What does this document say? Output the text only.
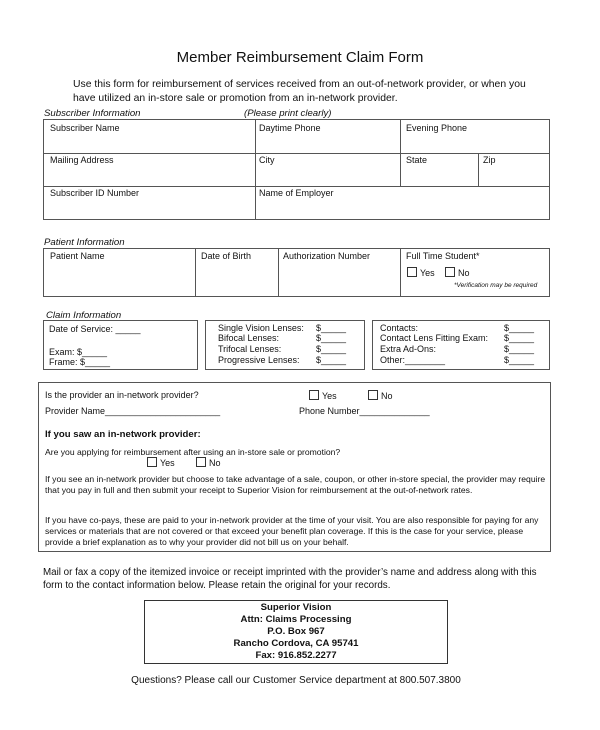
Member Reimbursement Claim Form
Use this form for reimbursement of services received from an out-of-network provider, or when you have utilized an in-store sale or promotion from an in-network provider.
Subscriber Information	(Please print clearly)
Subscriber Name	Daytime Phone	Evening Phone
Mailing Address	City	State	Zip
Subscriber ID Number	Name of Employer
Patient Information
Patient Name	Date of Birth	Authorization Number	Full Time Student*
Yes	No
*Verification may be required
Claim Information
Date of Service: _____
Exam: $_____
Frame: $_____
Single Vision Lenses: $_____
Bifocal Lenses:	$_____
Trifocal Lenses:	$_____
Progressive Lenses: $_____
Contacts:	$_____
Contact Lens Fitting Exam: $_____
Extra Ad-Ons:	$_____
Other:________	$_____
Is the provider an in-network provider?	Yes	No
Provider Name_______________________	Phone Number______________
If you saw an in-network provider:
Are you applying for reimbursement after using an in-store sale or promotion?
Yes	No
If you see an in-network provider but choose to take advantage of a sale, coupon, or other in-store special, the provider may require that you pay in full and then submit your receipt to Superior Vision for reimbursement at the out-of-network rates.
If you have co-pays, these are paid to your in-network provider at the time of your visit. You are also responsible for paying for any services or materials that are not covered or that exceed your benefit plan coverage. If this is the case for your service, please provide a brief explanation as to why your provider did not bill us on your behalf.
Mail or fax a copy of the itemized invoice or receipt imprinted with the provider’s name and address along with this form to the contact information below. Please retain the original for your records.
Superior Vision
Attn: Claims Processing
P.O. Box 967
Rancho Cordova, CA 95741
Fax: 916.852.2277
Questions? Please call our Customer Service department at 800.507.3800
